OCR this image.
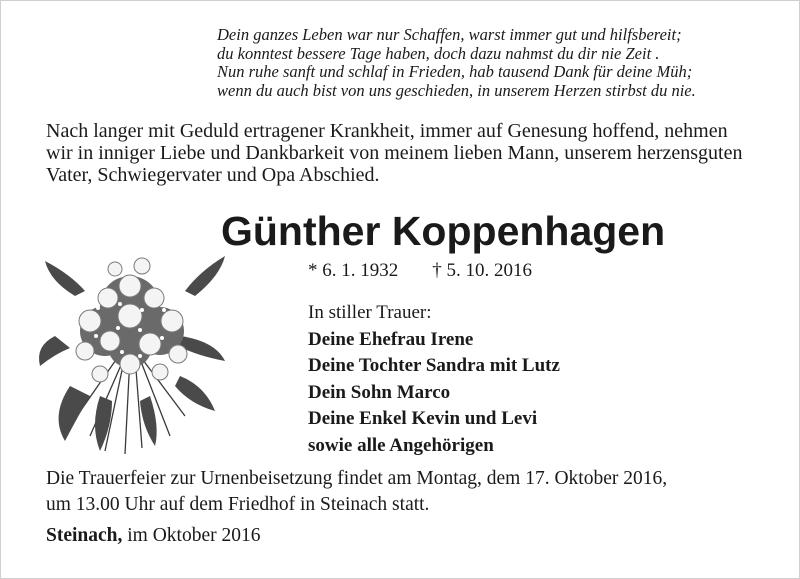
Dein ganzes Leben war nur Schaffen, warst immer gut und hilfsbereit;
du konntest bessere Tage haben, doch dazu nahmst du dir nie Zeit .
Nun ruhe sanft und schlaf in Frieden, hab tausend Dank für deine Müh;
wenn du auch bist von uns geschieden, in unserem Herzen stirbst du nie.
Nach langer mit Geduld ertragener Krankheit, immer auf Genesung hoffend, nehmen
wir in inniger Liebe und Dankbarkeit von meinem lieben Mann, unserem herzensguten
Vater, Schwiegervater und Opa Abschied.
Günther Koppenhagen
* 6. 1. 1932 † 5. 10. 2016
In stiller Trauer:
Deine Ehefrau Irene
Deine Tochter Sandra mit Lutz
Dein Sohn Marco
Deine Enkel Kevin und Levi
sowie alle Angehörigen
Die Trauerfeier zur Urnenbeisetzung findet am Montag, dem 17. Oktober 2016,
um 13.00 Uhr auf dem Friedhof in Steinach statt.
Steinach, im Oktober 2016
